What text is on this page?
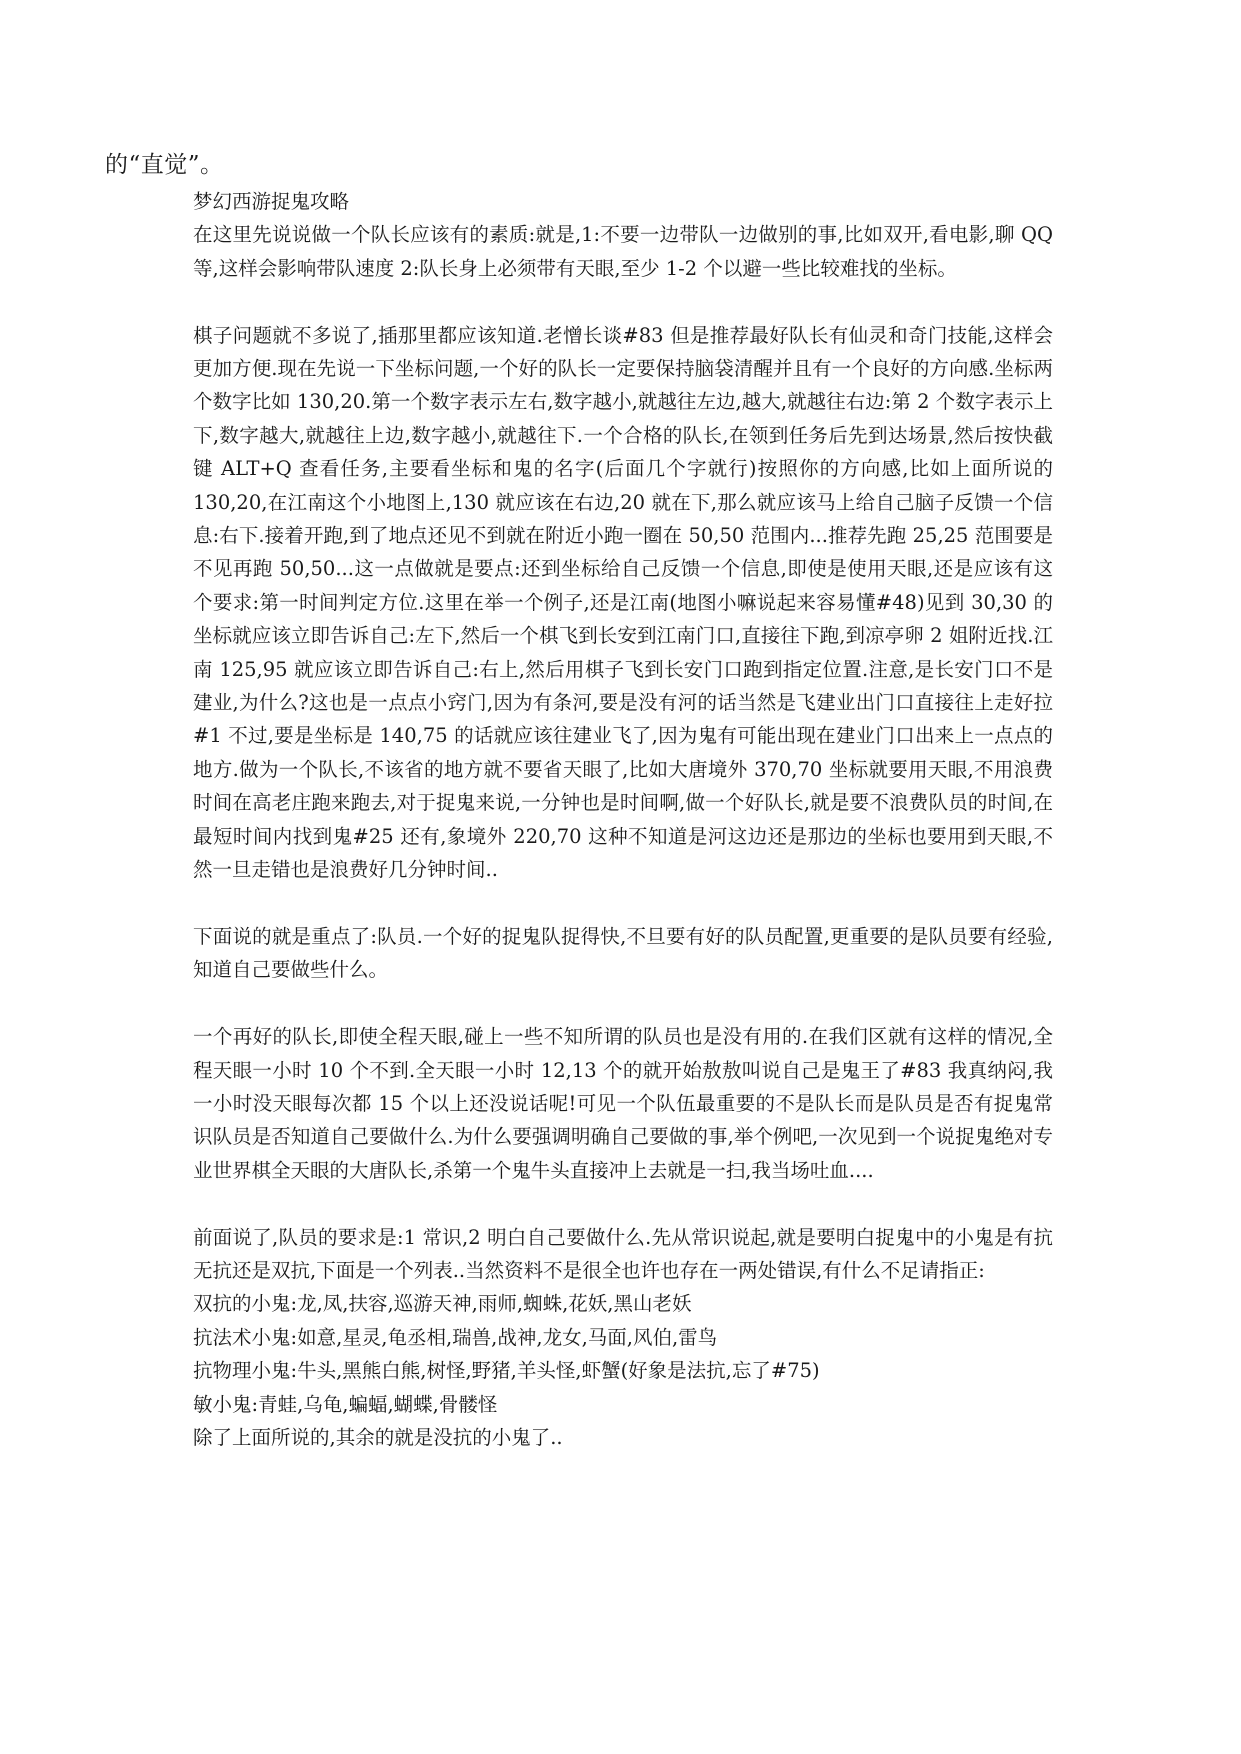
的“直觉”。

梦幻西游捉鬼攻略

在这里先说说做一个队长应该有的素质:就是,1:不要一边带队一边做别的事,比如双开,看电影,聊 QQ 等,这样会影响带队速度 2:队长身上必须带有天眼,至少 1-2 个以避一些比较难找的坐标。

棋子问题就不多说了,插那里都应该知道.老憎长谈#83 但是推荐最好队长有仙灵和奇门技能,这样会更加方便.现在先说一下坐标问题,一个好的队长一定要保持脑袋清醒并且有一个良好的方向感.坐标两个数字比如 130,20.第一个数字表示左右,数字越小,就越往左边,越大,就越往右边:第 2 个数字表示上下,数字越大,就越往上边,数字越小,就越往下.一个合格的队长,在领到任务后先到达场景,然后按快截键 ALT+Q 查看任务,主要看坐标和鬼的名字(后面几个字就行)按照你的方向感,比如上面所说的 130,20,在江南这个小地图上,130 就应该在右边,20 就在下,那么就应该马上给自己脑子反馈一个信息:右下.接着开跑,到了地点还见不到就在附近小跑一圈在 50,50 范围内...推荐先跑 25,25 范围要是不见再跑 50,50...这一点做就是要点:还到坐标给自己反馈一个信息,即使是使用天眼,还是应该有这个要求:第一时间判定方位.这里在举一个例子,还是江南(地图小嘛说起来容易懂#48)见到 30,30 的坐标就应该立即告诉自己:左下,然后一个棋飞到长安到江南门口,直接往下跑,到凉亭卵 2 姐附近找.江南 125,95 就应该立即告诉自己:右上,然后用棋子飞到长安门口跑到指定位置.注意,是长安门口不是建业,为什么?这也是一点点小窍门,因为有条河,要是没有河的话当然是飞建业出门口直接往上走好拉#1 不过,要是坐标是 140,75 的话就应该往建业飞了,因为鬼有可能出现在建业门口出来上一点点的地方.做为一个队长,不该省的地方就不要省天眼了,比如大唐境外 370,70 坐标就要用天眼,不用浪费时间在高老庄跑来跑去,对于捉鬼来说,一分钟也是时间啊,做一个好队长,就是要不浪费队员的时间,在最短时间内找到鬼#25 还有,象境外 220,70 这种不知道是河这边还是那边的坐标也要用到天眼,不然一旦走错也是浪费好几分钟时间..

下面说的就是重点了:队员.一个好的捉鬼队捉得快,不旦要有好的队员配置,更重要的是队员要有经验,知道自己要做些什么。

一个再好的队长,即使全程天眼,碰上一些不知所谓的队员也是没有用的.在我们区就有这样的情况,全程天眼一小时 10 个不到.全天眼一小时 12,13 个的就开始敖敖叫说自己是鬼王了#83 我真纳闷,我一小时没天眼每次都 15 个以上还没说话呢!可见一个队伍最重要的不是队长而是队员是否有捉鬼常识队员是否知道自己要做什么.为什么要强调明确自己要做的事,举个例吧,一次见到一个说捉鬼绝对专业世界棋全天眼的大唐队长,杀第一个鬼牛头直接冲上去就是一扫,我当场吐血....

前面说了,队员的要求是:1 常识,2 明白自己要做什么.先从常识说起,就是要明白捉鬼中的小鬼是有抗无抗还是双抗,下面是一个列表..当然资料不是很全也许也存在一两处错误,有什么不足请指正:

双抗的小鬼:龙,凤,扶容,巡游天神,雨师,蜘蛛,花妖,黑山老妖

抗法术小鬼:如意,星灵,龟丞相,瑞兽,战神,龙女,马面,风伯,雷鸟

抗物理小鬼:牛头,黑熊白熊,树怪,野猪,羊头怪,虾蟹(好象是法抗,忘了#75)

敏小鬼:青蛙,乌龟,蝙蝠,蝴蝶,骨髅怪

除了上面所说的,其余的就是没抗的小鬼了..
